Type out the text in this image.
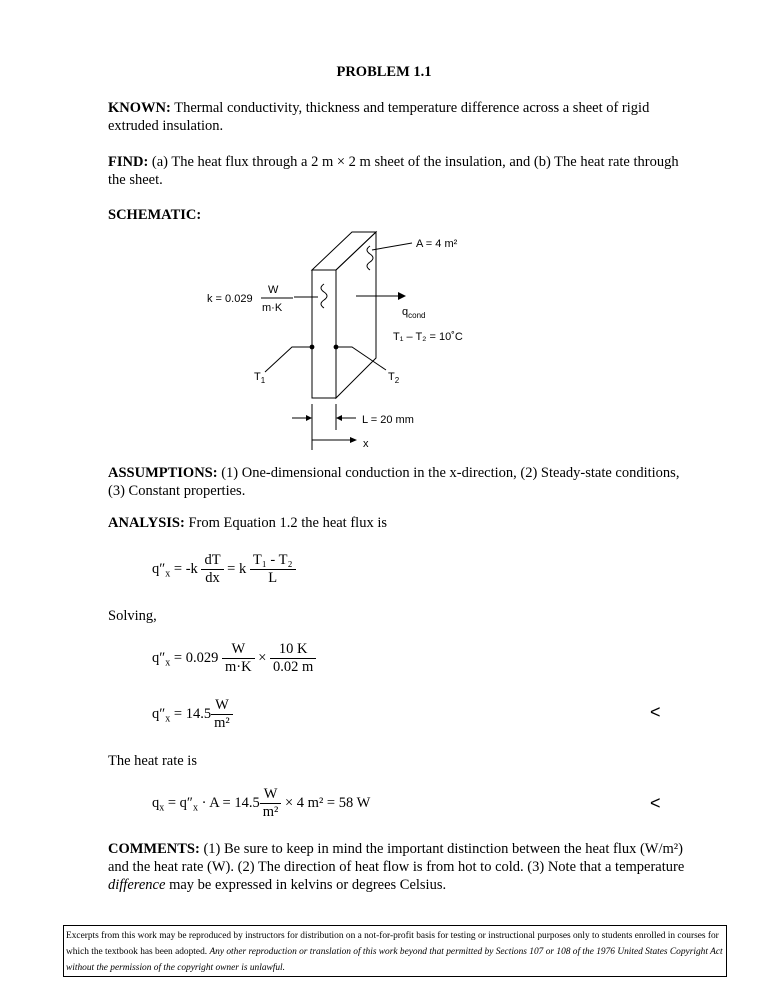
PROBLEM 1.1
KNOWN: Thermal conductivity, thickness and temperature difference across a sheet of rigid extruded insulation.
FIND: (a) The heat flux through a 2 m × 2 m sheet of the insulation, and (b) The heat rate through the sheet.
SCHEMATIC:
A = 4 m²
k = 0.029
W
m·K	$q_{cond}$
T₁ – T₂ = 10˚C
$T_1$	$T_2$
L = 20 mm
x
ASSUMPTIONS: (1) One-dimensional conduction in the x-direction, (2) Steady-state conditions, (3) Constant properties.
ANALYSIS: From Equation 1.2 the heat flux is
$q''_x = -k \frac{dT}{dx} = k \frac{\text{T₁ - T₂}}{L}$
Solving,
$q''_x = 0.029 \frac{W}{m\cdot K} \times \frac{10 K}{0.02 m}$
$q''_x = 14.5 \frac{W}{\text{m²}}$	<
The heat rate is
$q_x = q''_x \cdot A = 14.5 \frac{W}{\text{m²}} \times 4$ m² = 58 W	<
COMMENTS: (1) Be sure to keep in mind the important distinction between the heat flux (W/m²) and the heat rate (W). (2) The direction of heat flow is from hot to cold. (3) Note that a temperature difference may be expressed in kelvins or degrees Celsius.
Excerpts from this work may be reproduced by instructors for distribution on a not-for-profit basis for testing or instructional purposes only to students enrolled in courses for which the textbook has been adopted. Any other reproduction or translation of this work beyond that permitted by Sections 107 or 108 of the 1976 United States Copyright Act without the permission of the copyright owner is unlawful.
